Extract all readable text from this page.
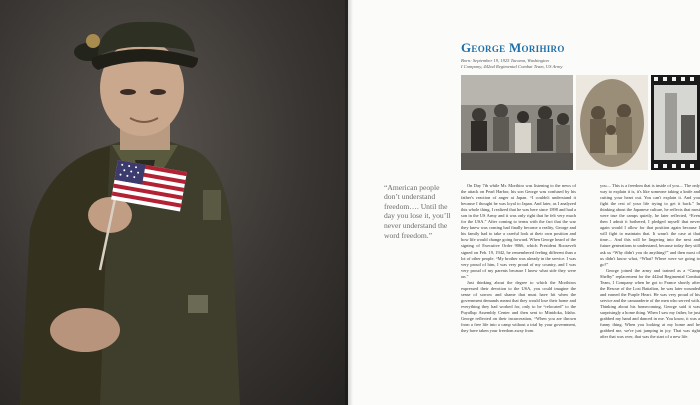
“American people don’t understand freedom…. Until the day you lose it, you’ll never understand the word freedom.”

George Morihiro
Born: September 19, 1925 Tacoma, Washington
I Company, 442nd Regimental Combat Team, US Army

On Day 7th while Mr. Morihiro was listening to the news of the attack on Pearl Harbor, his son George was confused by his father's reaction of anger at Japan. “I couldn't understand it because I thought he was loyal to Japan. And later, as I analyzed this whole thing, I realized that he was here since 1898 and had a son in the US Army and it was only right that he felt very much for the USA.” After coming to terms with the fact that the war they knew was coming had finally become a reality, George and his family had to take a careful look at their own position and how life would change going forward. When George heard of the signing of Executive Order 9066, which President Roosevelt signed on Feb. 19, 1942, he remembered feeling different than a lot of other people. “My brother was already in the service. I was very proud of him, I was very proud of my country, and I was very proud of my parents because I knew what side they were on.”

Just thinking about the degree to which the Morihiros expressed their devotion to the USA, you could imagine the sense of sorrow and shame that must have hit when the government demands meant that they would lose their home and everything they had worked for, only to be “relocated” to the Puyallup Assembly Center and then sent to Minidoka, Idaho. George reflected on their incarceration, “When you are thrown from a free life into a camp without a trial by your government, they have taken your freedom away from

you.... This is a freedom that is inside of you.... The only way to explain it is, it's like someone taking a knife and cutting your heart out. You can't explain it. And you fight the rest of your life trying to get it back.” In thinking about the Japanese culture, he reflects that most were true the camps quietly, he later reflected, “Even then I admit it bothered, I pledged myself that never again would I allow for that position again because I will fight to maintain that. It wasn't the case at that time.... And this will be lingering into the next and future generations to understand, because today they still ask us “Why didn't you do anything?” and then most of us didn't know what, “What? Where were we going to go?”

George joined the army and trained as a “Camp Shelby” replacement for the 442nd Regimental Combat Team, I Company when he got to France shortly after the Rescue of the Lost Battalion, he was later wounded and earned the Purple Heart. He was very proud of his service and the camaraderie of the men who served with. Thinking about his homecoming, George said it was surprisingly a home thing. When I saw my father, he just grabbed my hand and danced in me. You know, it was a funny thing. When you looking at my home and he grabbed me, we're just jumping in joy. That was right after that was over, that was the start of a new life.
